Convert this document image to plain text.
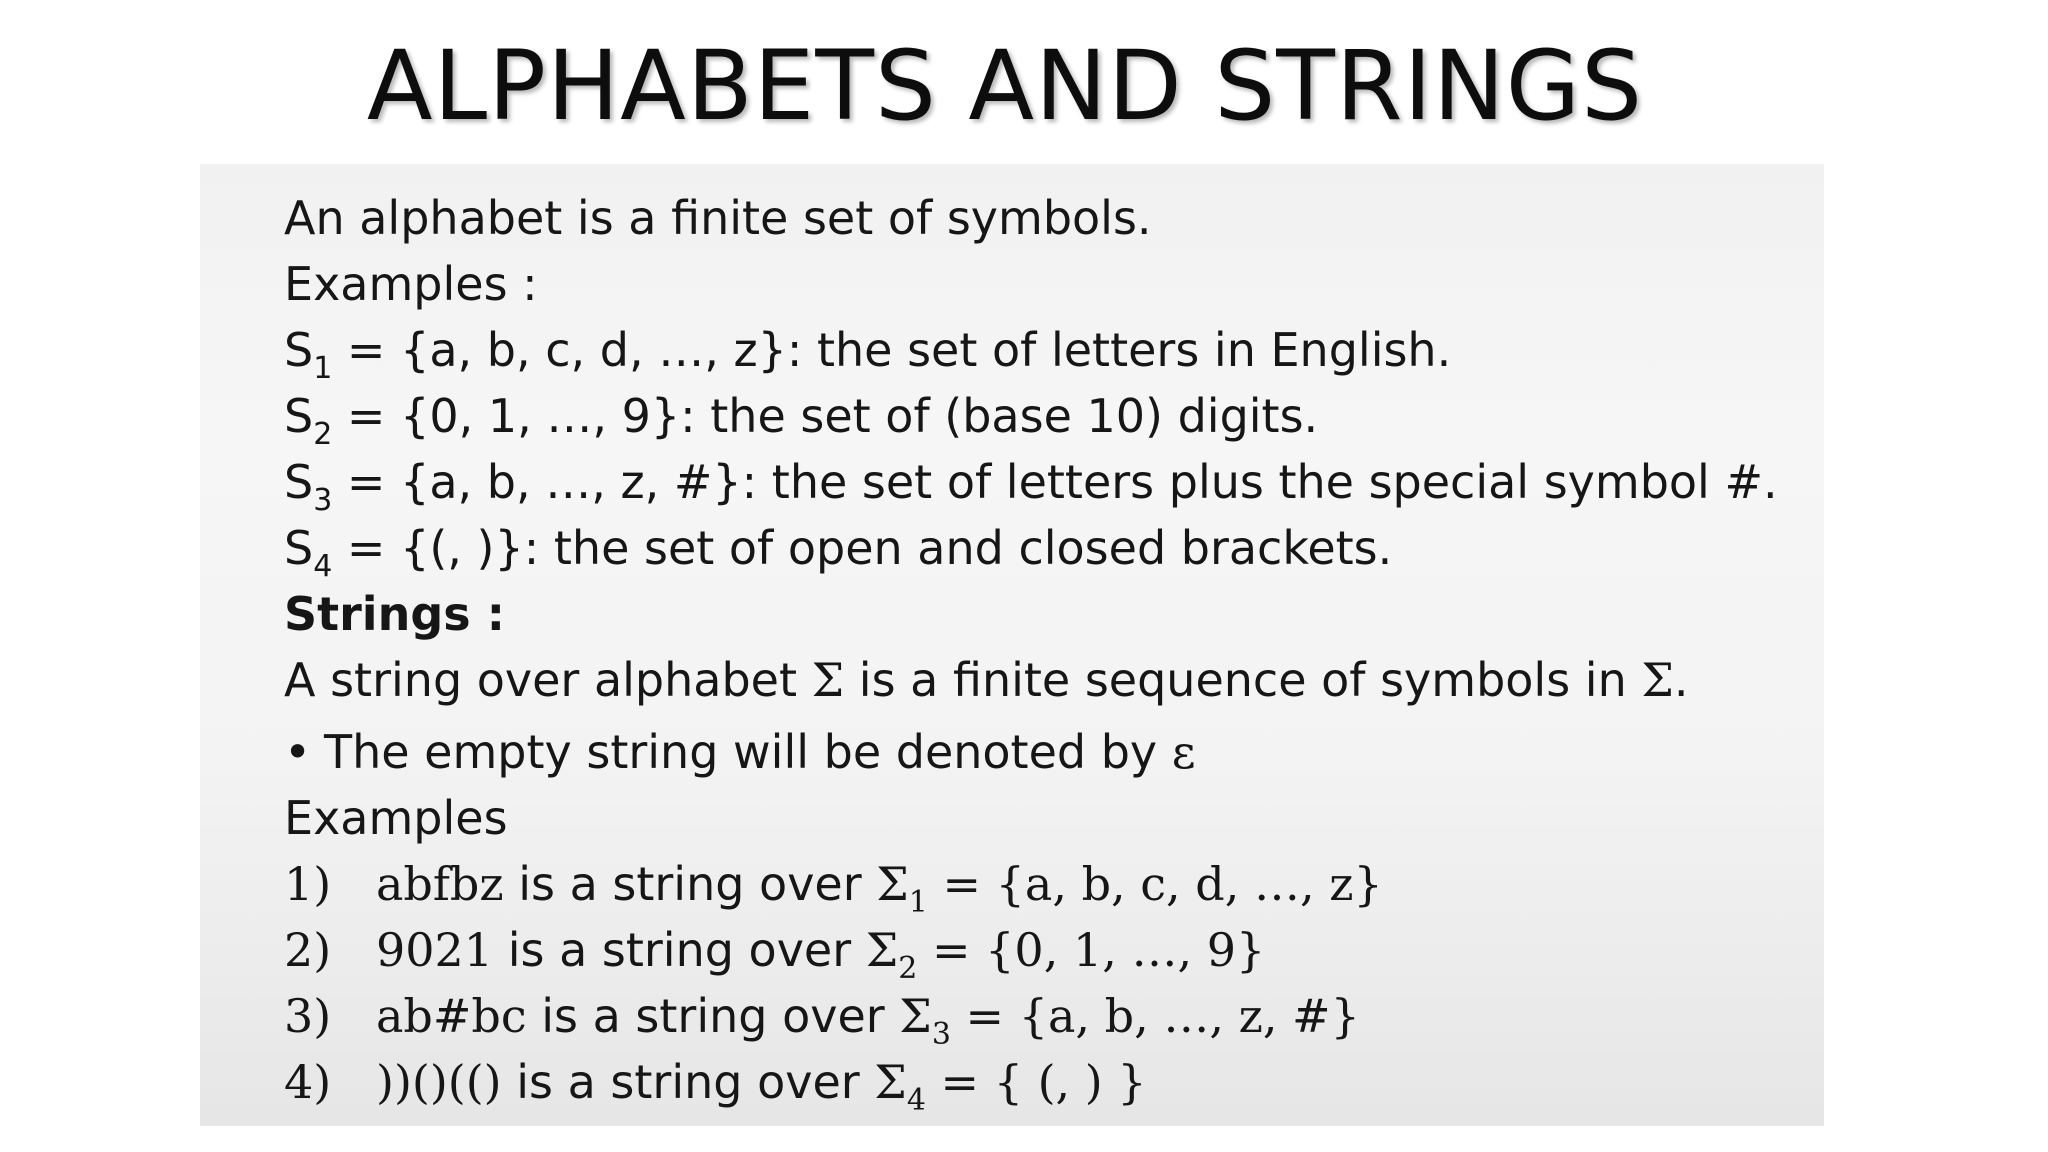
ALPHABETS AND STRINGS
An alphabet is a finite set of symbols.
Examples :
$S_1 = \{a$, b, c, d, …, z}: the set of letters in English.
$S_2 = \{0$, 1, …, 9}: the set of (base 10) digits.
$S_3 = \{a$, b, …, z, #}: the set of letters plus the special symbol #.
$S_4$ = {(, )}: the set of open and closed brackets.
Strings :
A string over alphabet Σ is a finite sequence of symbols in Σ.
• The empty string will be denoted by ε
Examples
1) abfbz is a string over $\Sigma_1 = \{a$, b, c, d, …, z}
2) 9021 is a string over $\Sigma_2 = \{0$, 1, …, 9}
3) ab#bc is a string over $\Sigma_3 = \{a$, b, …, z, #}
4) ))()(() is a string over $\Sigma_4$ = { (, ) }
